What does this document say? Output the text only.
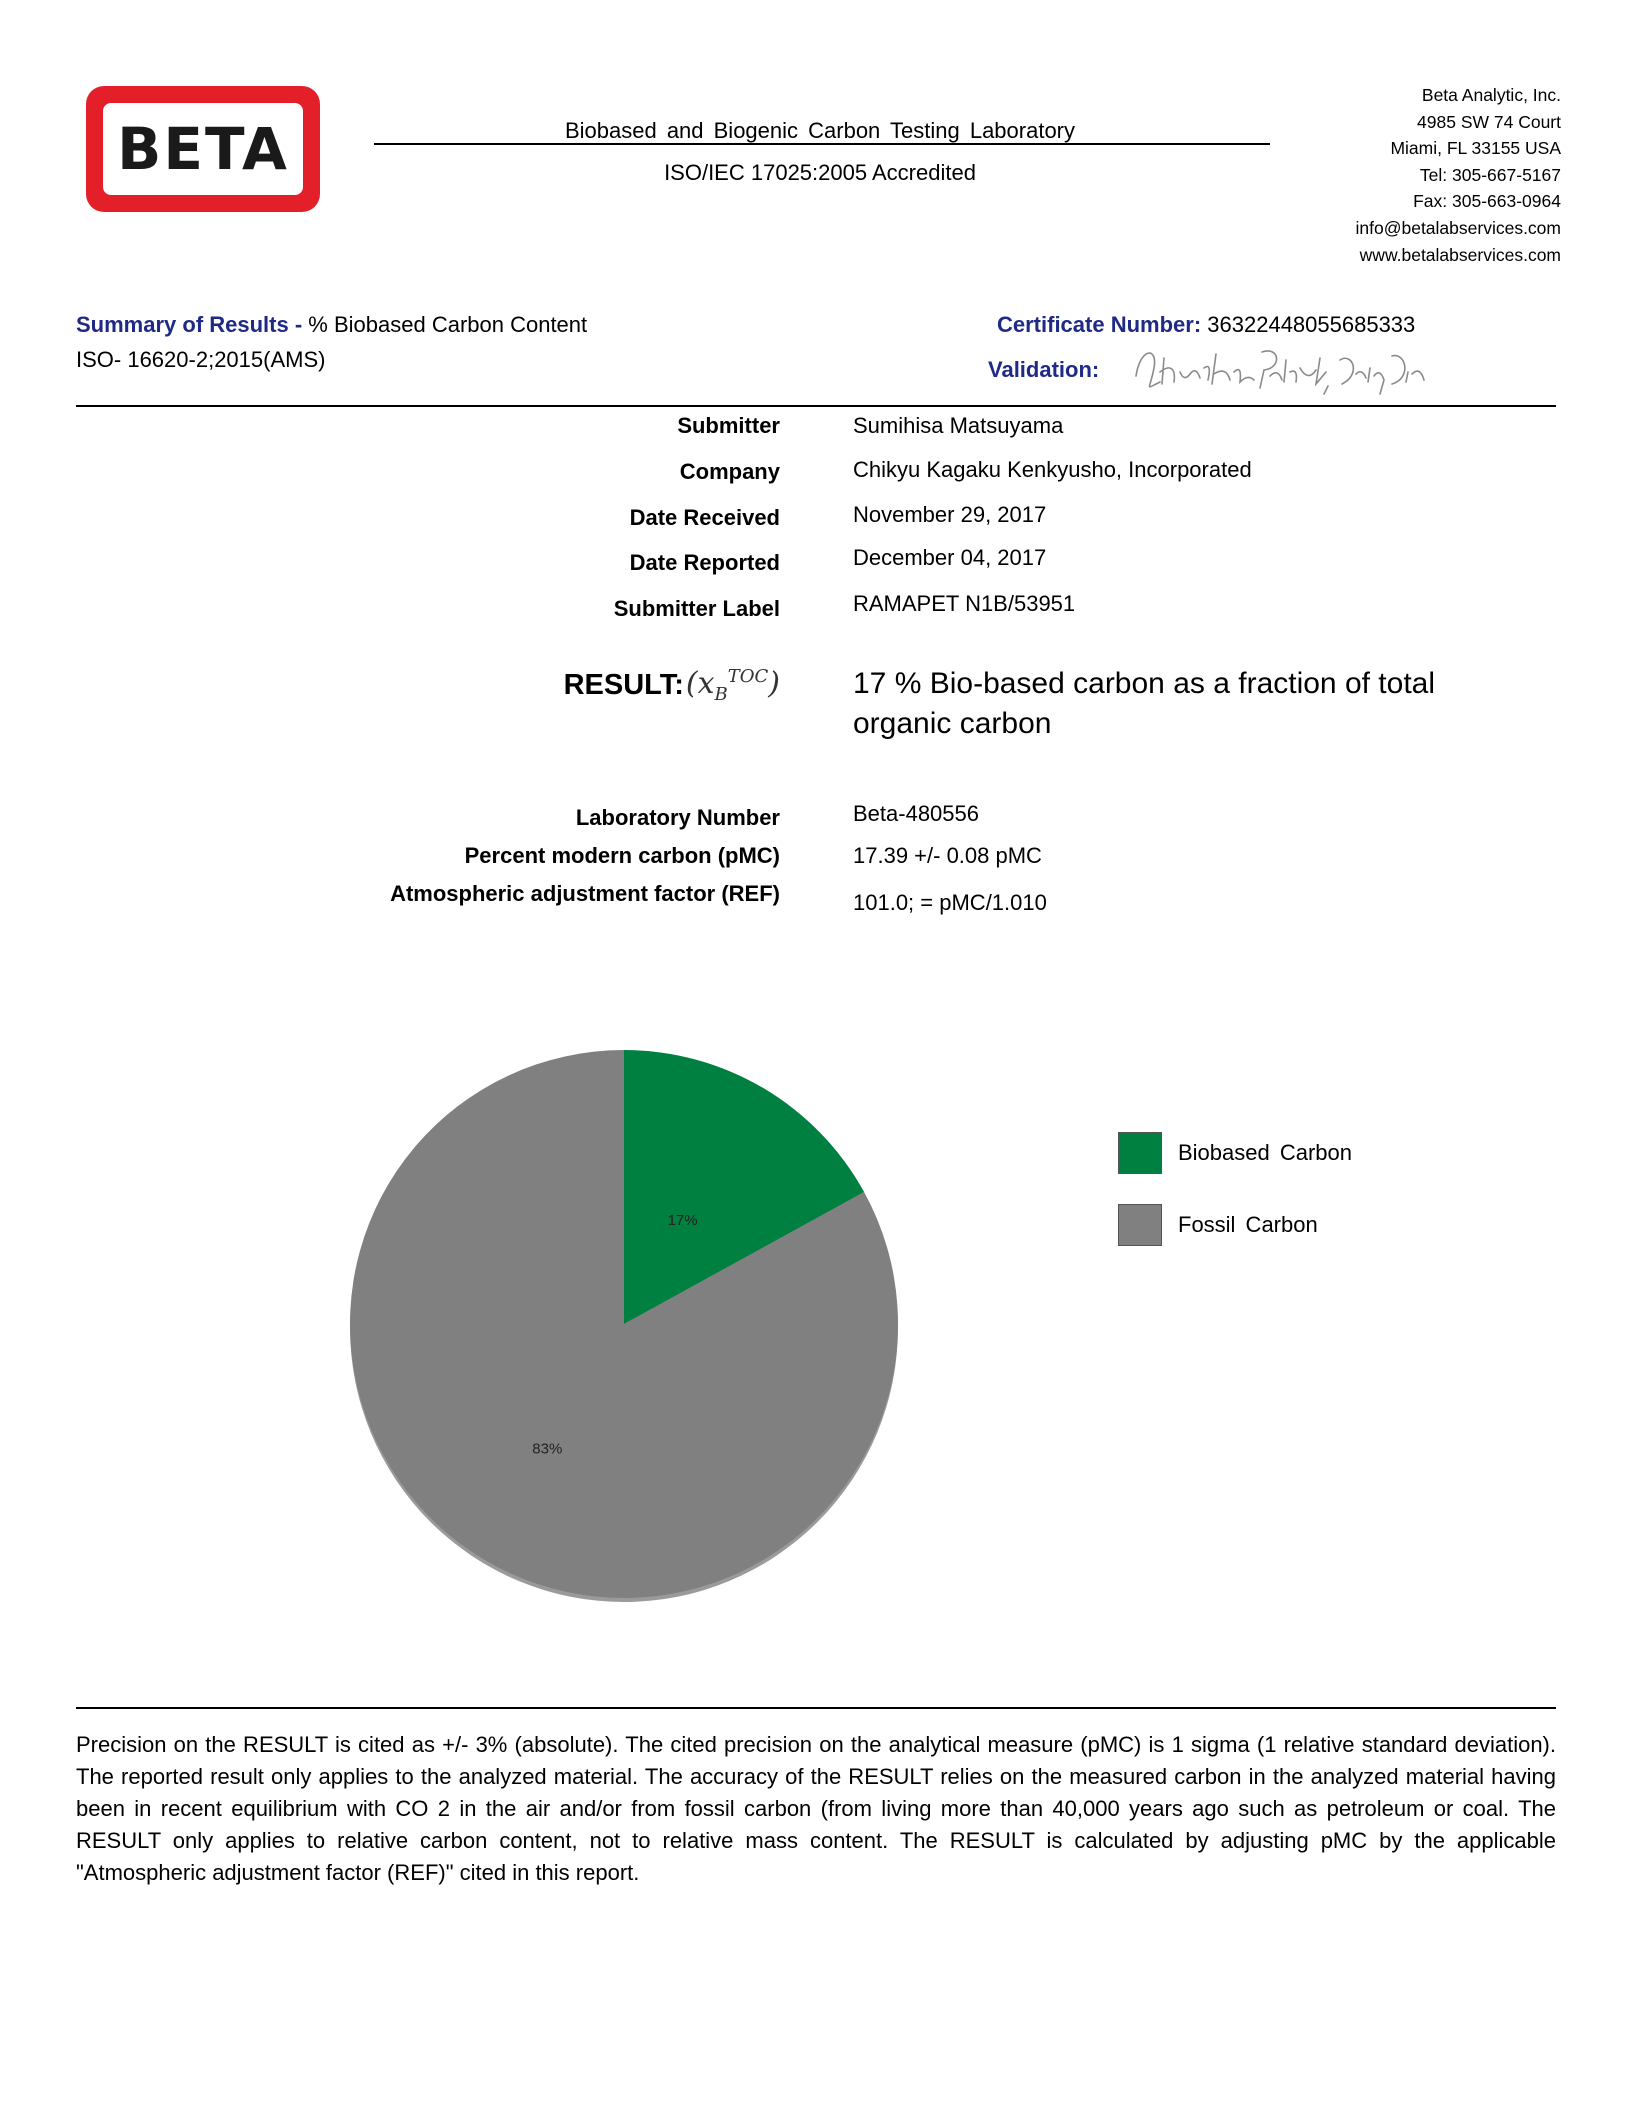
BETA	Biobased and Biogenic Carbon Testing Laboratory
ISO/IEC 17025:2005 Accredited
Beta Analytic, Inc.
4985 SW 74 Court
Miami, FL 33155 USA
Tel: 305-667-5167
Fax: 305-663-0964
info@betalabservices.com
www.betalabservices.com
Summary of Results - % Biobased Carbon Content
ISO- 16620-2;2015(AMS)
Certificate Number: 36322448055685333
Validation:
Submitter	Sumihisa Matsuyama
Company	Chikyu Kagaku Kenkyusho, Incorporated
Date Received	November 29, 2017
Date Reported	December 04, 2017
Submitter Label	RAMAPET N1B/53951
RESULT: $(x_B^{TOC})$ 17 % Bio-based carbon as a fraction of total organic carbon
Laboratory Number	Beta-480556
Percent modern carbon (pMC)	17.39 +/- 0.08 pMC
Atmospheric adjustment factor (REF)	101.0; = pMC/1.010
17%
83%
Biobased Carbon
Fossil Carbon
Precision on the RESULT is cited as +/- 3% (absolute). The cited precision on the analytical measure (pMC) is 1 sigma (1 relative standard deviation). The reported result only applies to the analyzed material. The accuracy of the RESULT relies on the measured carbon in the analyzed material having been in recent equilibrium with CO 2 in the air and/or from fossil carbon (from living more than 40,000 years ago such as petroleum or coal. The RESULT only applies to relative carbon content, not to relative mass content. The RESULT is calculated by adjusting pMC by the applicable "Atmospheric adjustment factor (REF)" cited in this report.
